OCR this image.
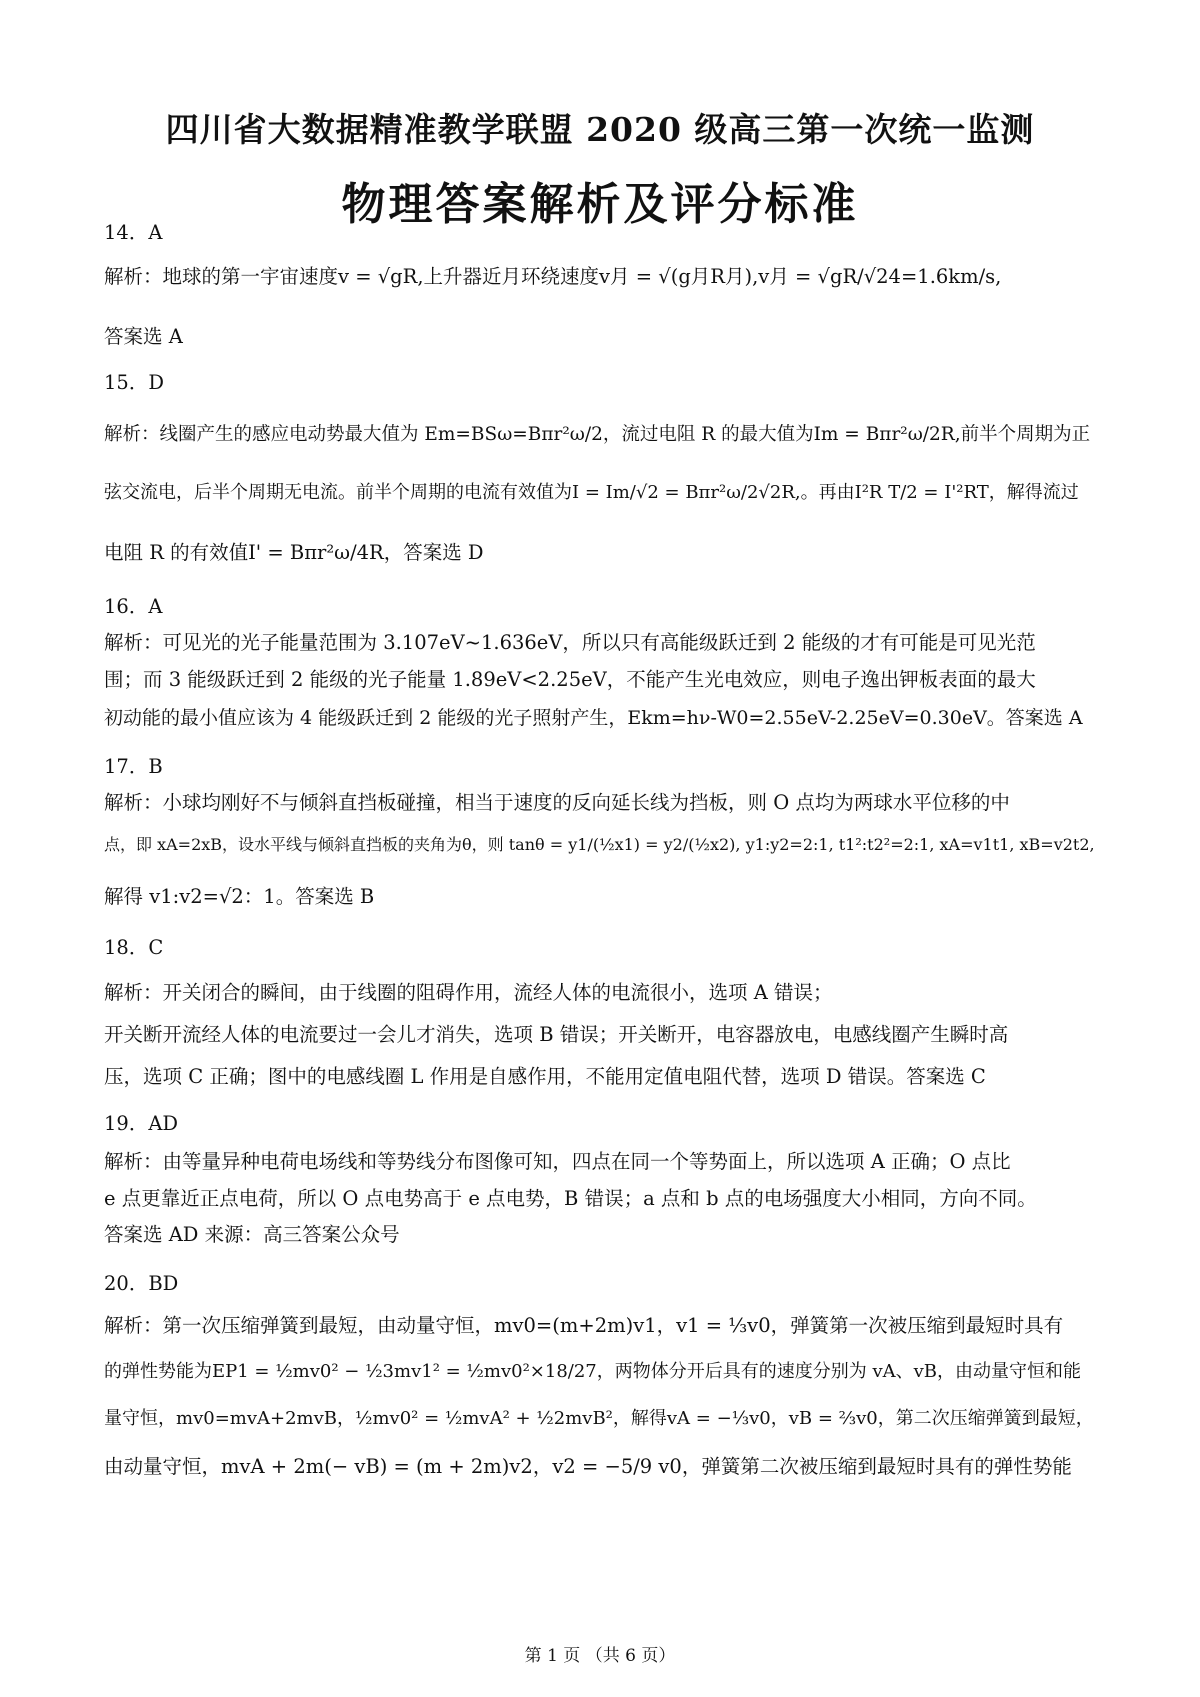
四川省大数据精准教学联盟 2020 级高三第一次统一监测
物理答案解析及评分标准
14．A
解析：地球的第一宇宙速度v = √gR,上升器近月环绕速度v月 = √(g月R月),v月 = √gR/√24=1.6km/s,
答案选 A
15．D
解析：线圈产生的感应电动势最大值为 Em=BSω=Bπr²ω/2，流过电阻 R 的最大值为Im = Bπr²ω/2R,前半个周期为正
弦交流电，后半个周期无电流。前半个周期的电流有效值为I = Im/√2 = Bπr²ω/2√2R,。再由I²R T/2 = I'²RT，解得流过
电阻 R 的有效值I' = Bπr²ω/4R，答案选 D
16．A
解析：可见光的光子能量范围为 3.107eV~1.636eV，所以只有高能级跃迁到 2 能级的才有可能是可见光范
围；而 3 能级跃迁到 2 能级的光子能量 1.89eV<2.25eV，不能产生光电效应，则电子逸出钾板表面的最大
初动能的最小值应该为 4 能级跃迁到 2 能级的光子照射产生，Ekm=hν-W0=2.55eV-2.25eV=0.30eV。答案选 A
17．B
解析：小球均刚好不与倾斜直挡板碰撞，相当于速度的反向延长线为挡板，则 O 点均为两球水平位移的中
点，即 xA=2xB，设水平线与倾斜直挡板的夹角为θ，则 tanθ = y1/(½x1) = y2/(½x2), y1:y2=2:1, t1²:t2²=2:1, xA=v1t1, xB=v2t2,
解得 v1:v2=√2：1。答案选 B
18．C
解析：开关闭合的瞬间，由于线圈的阻碍作用，流经人体的电流很小，选项 A 错误；
开关断开流经人体的电流要过一会儿才消失，选项 B 错误；开关断开，电容器放电，电感线圈产生瞬时高
压，选项 C 正确；图中的电感线圈 L 作用是自感作用，不能用定值电阻代替，选项 D 错误。答案选 C
19．AD
解析：由等量异种电荷电场线和等势线分布图像可知，四点在同一个等势面上，所以选项 A 正确；O 点比
e 点更靠近正点电荷，所以 O 点电势高于 e 点电势，B 错误；a 点和 b 点的电场强度大小相同，方向不同。
答案选 AD 来源：高三答案公众号
20．BD
解析：第一次压缩弹簧到最短，由动量守恒，mv0=(m+2m)v1，v1 = ⅓v0，弹簧第一次被压缩到最短时具有
的弹性势能为EP1 = ½mv0² − ½3mv1² = ½mv0²×18/27，两物体分开后具有的速度分别为 vA、vB，由动量守恒和能
量守恒，mv0=mvA+2mvB，½mv0² = ½mvA² + ½2mvB²，解得vA = −⅓v0，vB = ⅔v0，第二次压缩弹簧到最短，
由动量守恒，mvA + 2m(− vB) = (m + 2m)v2，v2 = −5/9 v0，弹簧第二次被压缩到最短时具有的弹性势能
第 1 页 （共 6 页）
